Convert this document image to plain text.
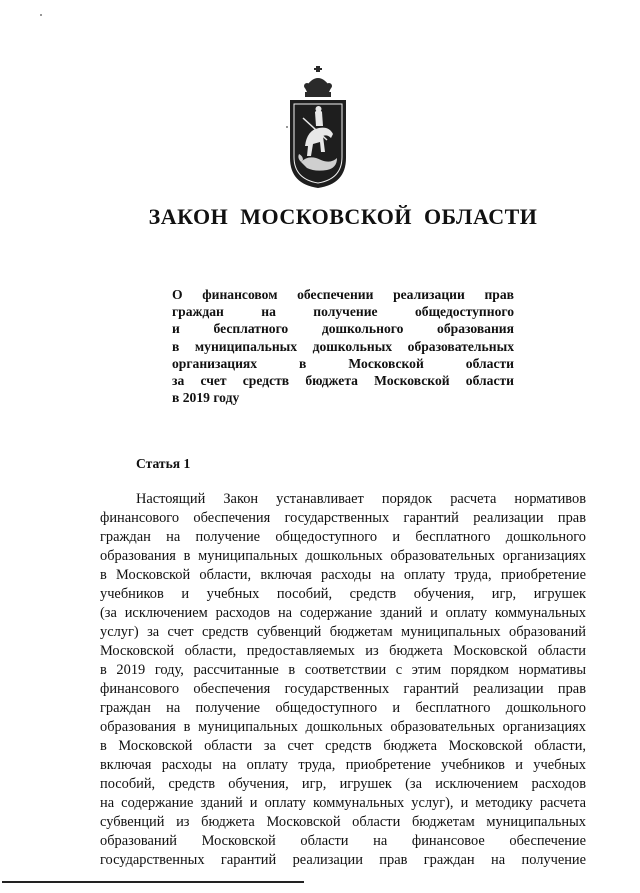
ЗАКОН МОСКОВСКОЙ ОБЛАСТИ
О финансовом обеспечении реализации прав
граждан на получение общедоступного
и бесплатного дошкольного образования
в муниципальных дошкольных образовательных
организациях в Московской области
за счет средств бюджета Московской области
в 2019 году
Статья 1
Настоящий Закон устанавливает порядок расчета нормативов
финансового обеспечения государственных гарантий реализации прав
граждан на получение общедоступного и бесплатного дошкольного
образования в муниципальных дошкольных образовательных организациях
в Московской области, включая расходы на оплату труда, приобретение
учебников и учебных пособий, средств обучения, игр, игрушек
(за исключением расходов на содержание зданий и оплату коммунальных
услуг) за счет средств субвенций бюджетам муниципальных образований
Московской области, предоставляемых из бюджета Московской области
в 2019 году, рассчитанные в соответствии с этим порядком нормативы
финансового обеспечения государственных гарантий реализации прав
граждан на получение общедоступного и бесплатного дошкольного
образования в муниципальных дошкольных образовательных организациях
в Московской области за счет средств бюджета Московской области,
включая расходы на оплату труда, приобретение учебников и учебных
пособий, средств обучения, игр, игрушек (за исключением расходов
на содержание зданий и оплату коммунальных услуг), и методику расчета
субвенций из бюджета Московской области бюджетам муниципальных
образований Московской области на финансовое обеспечение
государственных гарантий реализации прав граждан на получение
